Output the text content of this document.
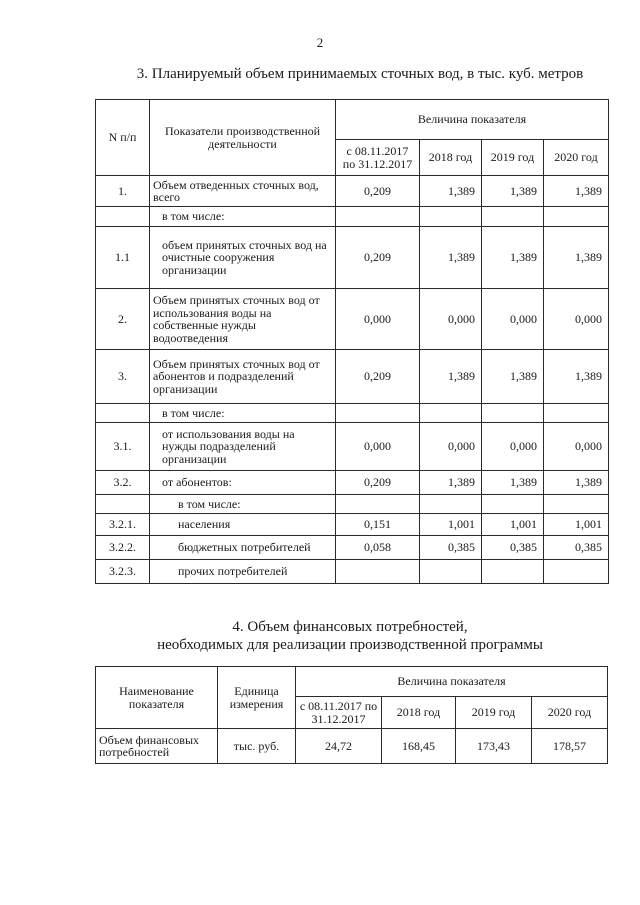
2
3. Планируемый объем принимаемых сточных вод, в тыс. куб. метров
N п/п	Показатели производственной деятельности	Величина показателя			
		с 08.11.2017 по 31.12.2017	2018 год	2019 год	2020 год
1.	Объем отведенных сточных вод, всего	0,209	1,389	1,389	1,389
	в том числе:				
1.1	объем принятых сточных вод на очистные сооружения организации	0,209	1,389	1,389	1,389
2.	Объем принятых сточных вод от использования воды на собственные нужды водоотведения	0,000	0,000	0,000	0,000
3.	Объем принятых сточных вод от абонентов и подразделений организации	0,209	1,389	1,389	1,389
	в том числе:				
3.1.	от использования воды на нужды подразделений организации	0,000	0,000	0,000	0,000
3.2.	от абонентов:	0,209	1,389	1,389	1,389
	в том числе:				
3.2.1.	населения	0,151	1,001	1,001	1,001
3.2.2.	бюджетных потребителей	0,058	0,385	0,385	0,385
3.2.3.	прочих потребителей				
4. Объем финансовых потребностей,
необходимых для реализации производственной программы
Наименование показателя	Единица измерения	Величина показателя			
		с 08.11.2017 по 31.12.2017	2018 год	2019 год	2020 год
Объем финансовых потребностей	тыс. руб.	24,72	168,45	173,43	178,57
